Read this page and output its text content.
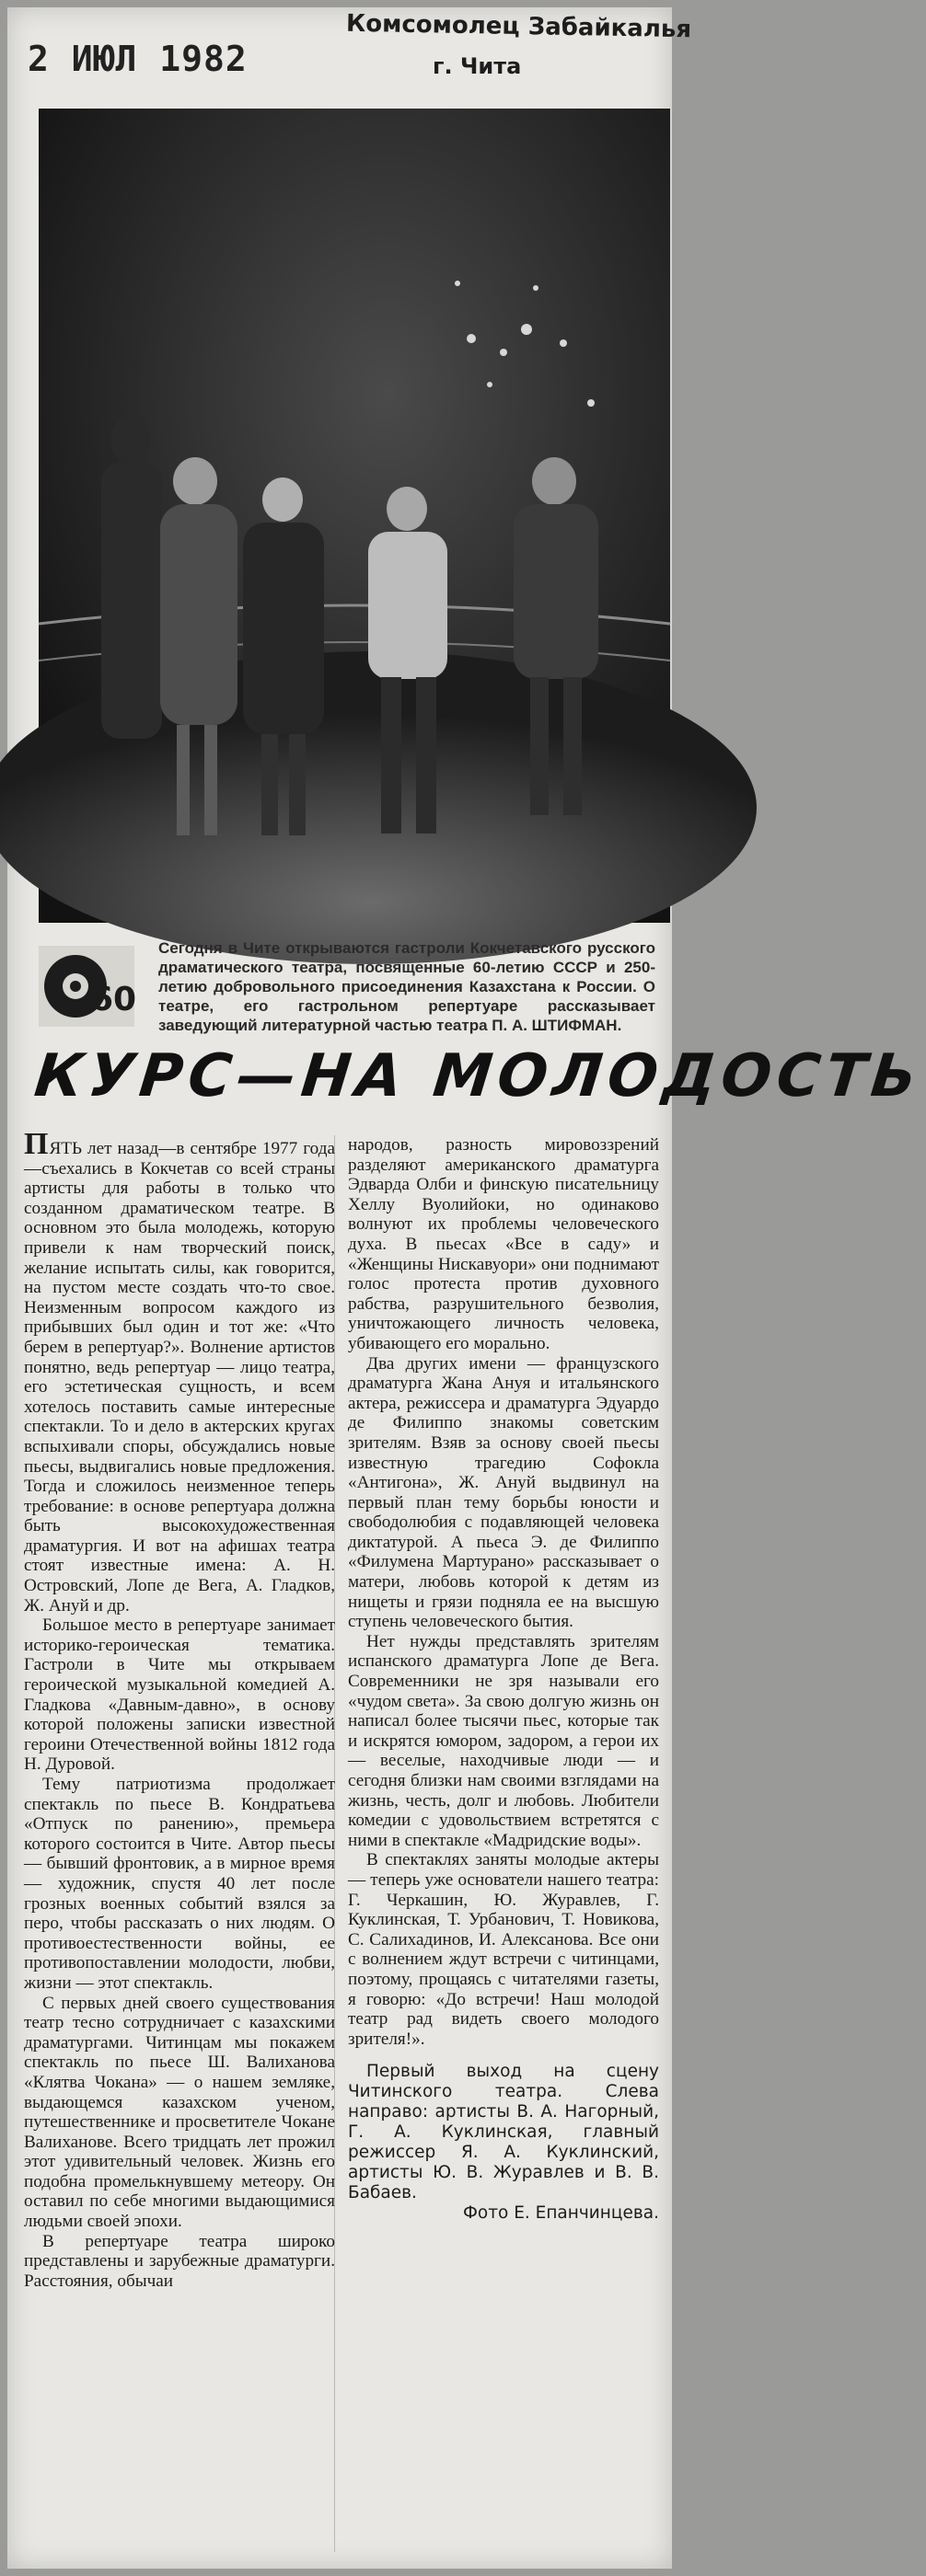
2 ИЮЛ 1982
Комсомолец Забайкалья
г. Чита
60
Сегодня в Чите открываются гастроли Кокчетавского русского драматического театра, посвященные 60-летию СССР и 250-летию добровольного присоединения Казахстана к России. О театре, его гастрольном репертуаре рассказывает заведующий литературной частью театра П. А. ШТИФМАН.
КУРС—НА МОЛОДОСТЬ

ПЯТЬ лет назад—в сентябре 1977 года—съехались в Кокчетав со всей страны артисты для работы в только что созданном драматическом театре. В основном это была молодежь, которую привели к нам творческий поиск, желание испытать силы, как говорится, на пустом месте создать что-то свое. Неизменным вопросом каждого из прибывших был один и тот же: «Что берем в репертуар?». Волнение артистов понятно, ведь репертуар — лицо театра, его эстетическая сущность, и всем хотелось поставить самые интересные спектакли. То и дело в актерских кругах вспыхивали споры, обсуждались новые пьесы, выдвигались новые предложения. Тогда и сложилось неизменное теперь требование: в основе репертуара должна быть высокохудожественная драматургия. И вот на афишах театра стоят известные имена: А. Н. Островский, Лопе де Вега, А. Гладков, Ж. Ануй и др.

Большое место в репертуаре занимает историко-героическая тематика. Гастроли в Чите мы открываем героической музыкальной комедией А. Гладкова «Давным-давно», в основу которой положены записки известной героини Отечественной войны 1812 года Н. Дуровой.

Тему патриотизма продолжает спектакль по пьесе В. Кондратьева «Отпуск по ранению», премьера которого состоится в Чите. Автор пьесы — бывший фронтовик, а в мирное время — художник, спустя 40 лет после грозных военных событий взялся за перо, чтобы рассказать о них людям. О противоестественности войны, ее противопоставлении молодости, любви, жизни — этот спектакль.

С первых дней своего существования театр тесно сотрудничает с казахскими драматургами. Читинцам мы покажем спектакль по пьесе Ш. Валиханова «Клятва Чокана» — о нашем земляке, выдающемся казахском ученом, путешественнике и просветителе Чокане Валиханове. Всего тридцать лет прожил этот удивительный человек. Жизнь его подобна промелькнувшему метеору. Он оставил по себе многими выдающимися людьми своей эпохи.

В репертуаре театра широко представлены и зарубежные драматурги. Расстояния, обычаи

народов, разность мировоззрений разделяют американского драматурга Эдварда Олби и финскую писательницу Хеллу Вуолийоки, но одинаково волнуют их проблемы человеческого духа. В пьесах «Все в саду» и «Женщины Нискавуори» они поднимают голос протеста против духовного рабства, разрушительного безволия, уничтожающего личность человека, убивающего его морально.

Два других имени — французского драматурга Жана Ануя и итальянского актера, режиссера и драматурга Эдуардо де Филиппо знакомы советским зрителям. Взяв за основу своей пьесы известную трагедию Софокла «Антигона», Ж. Ануй выдвинул на первый план тему борьбы юности и свободолюбия с подавляющей человека диктатурой. А пьеса Э. де Филиппо «Филумена Мартурано» рассказывает о матери, любовь которой к детям из нищеты и грязи подняла ее на высшую ступень человеческого бытия.

Нет нужды представлять зрителям испанского драматурга Лопе де Вега. Современники не зря называли его «чудом света». За свою долгую жизнь он написал более тысячи пьес, которые так и искрятся юмором, задором, а герои их — веселые, находчивые люди — и сегодня близки нам своими взглядами на жизнь, честь, долг и любовь. Любители комедии с удовольствием встретятся с ними в спектакле «Мадридские воды».

В спектаклях заняты молодые актеры — теперь уже основатели нашего театра: Г. Черкашин, Ю. Журавлев, Г. Куклинская, Т. Урбанович, Т. Новикова, С. Салихадинов, И. Алексанова. Все они с волнением ждут встречи с читинцами, поэтому, прощаясь с читателями газеты, я говорю: «До встречи! Наш молодой театр рад видеть своего молодого зрителя!».

Первый выход на сцену Читинского театра. Слева направо: артисты В. А. Нагорный, Г. А. Куклинская, главный режиссер Я. А. Куклинский, артисты Ю. В. Журавлев и В. В. Бабаев.

Фото Е. Епанчинцева.
